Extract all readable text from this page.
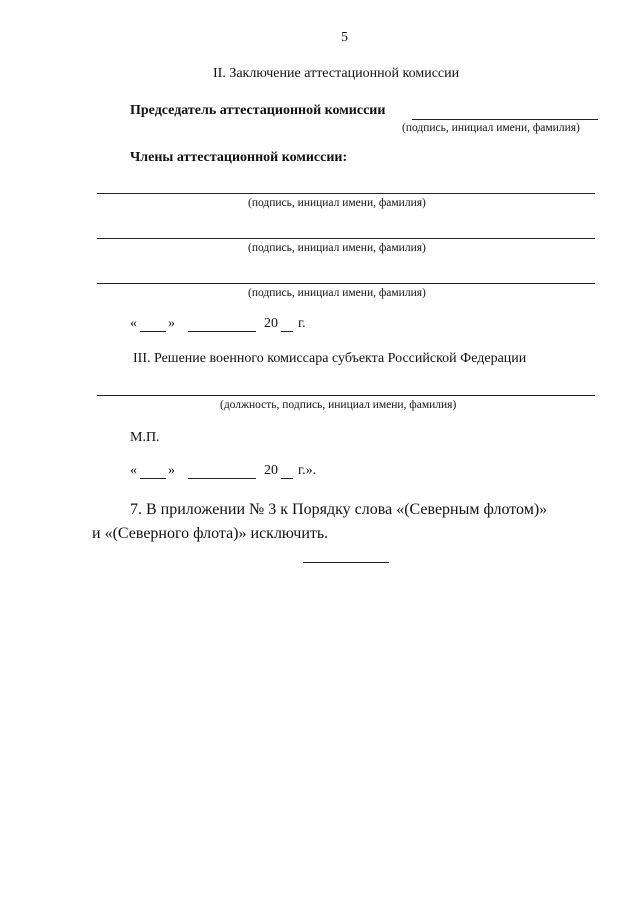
5
II. Заключение аттестационной комиссии
Председатель аттестационной комиссии
(подпись, инициал имени, фамилия)
Члены аттестационной комиссии:
(подпись, инициал имени, фамилия)
(подпись, инициал имени, фамилия)
(подпись, инициал имени, фамилия)
« »	20 г.
III. Решение военного комиссара субъекта Российской Федерации
(должность, подпись, инициал имени, фамилия)
М.П.
« »	20 г.».
7. В приложении № 3 к Порядку слова «(Северным флотом)»
и «(Северного флота)» исключить.
